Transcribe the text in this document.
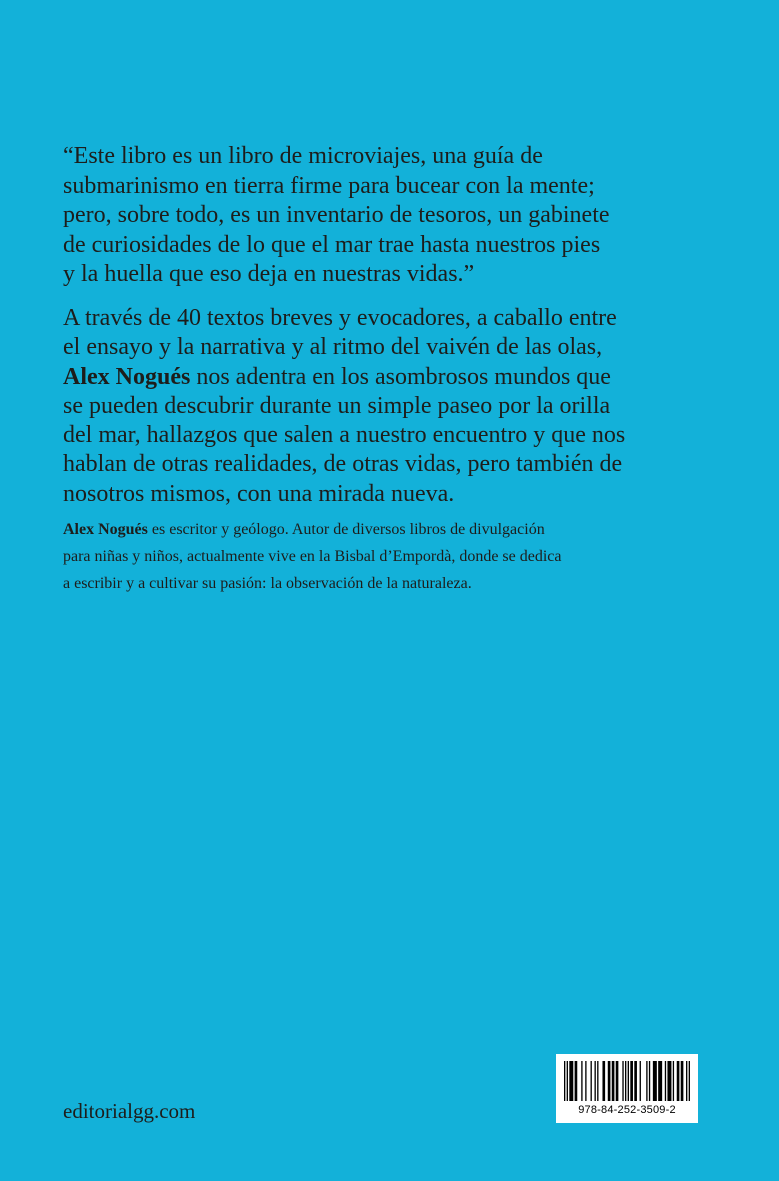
“Este libro es un libro de microviajes, una guía de
submarinismo en tierra firme para bucear con la mente;
pero, sobre todo, es un inventario de tesoros, un gabinete
de curiosidades de lo que el mar trae hasta nuestros pies
y la huella que eso deja en nuestras vidas.”

A través de 40 textos breves y evocadores, a caballo entre
el ensayo y la narrativa y al ritmo del vaivén de las olas,
Alex Nogués nos adentra en los asombrosos mundos que
se pueden descubrir durante un simple paseo por la orilla
del mar, hallazgos que salen a nuestro encuentro y que nos
hablan de otras realidades, de otras vidas, pero también de
nosotros mismos, con una mirada nueva.

Alex Nogués es escritor y geólogo. Autor de diversos libros de divulgación
para niñas y niños, actualmente vive en la Bisbal d’Empordà, donde se dedica
a escribir y a cultivar su pasión: la observación de la naturaleza.

editorialgg.com	978-84-252-3509-2
